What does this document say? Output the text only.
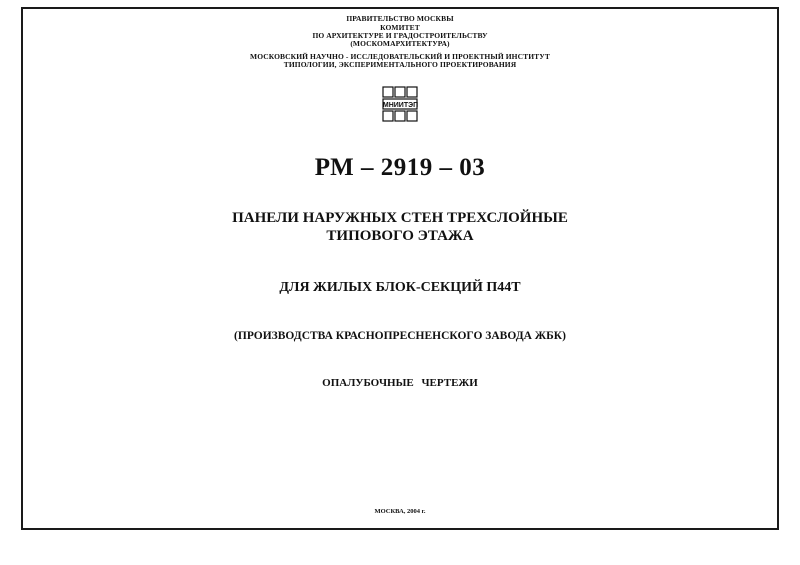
ПРАВИТЕЛЬСТВО МОСКВЫ
КОМИТЕТ
ПО АРХИТЕКТУРЕ И ГРАДОСТРОИТЕЛЬСТВУ
(МОСКОМАРХИТЕКТУРА)
МОСКОВСКИЙ НАУЧНО - ИССЛЕДОВАТЕЛЬСКИЙ И ПРОЕКТНЫЙ ИНСТИТУТ
ТИПОЛОГИИ, ЭКСПЕРИМЕНТАЛЬНОГО ПРОЕКТИРОВАНИЯ
МНИИТЭП
РМ – 2919 – 03
ПАНЕЛИ НАРУЖНЫХ СТЕН ТРЕХСЛОЙНЫЕ
ТИПОВОГО ЭТАЖА
ДЛЯ ЖИЛЫХ БЛОК-СЕКЦИЙ П44Т
(ПРОИЗВОДСТВА КРАСНОПРЕСНЕНСКОГО ЗАВОДА ЖБК)
ОПАЛУБОЧНЫЕ ЧЕРТЕЖИ
МОСКВА, 2004 г.
